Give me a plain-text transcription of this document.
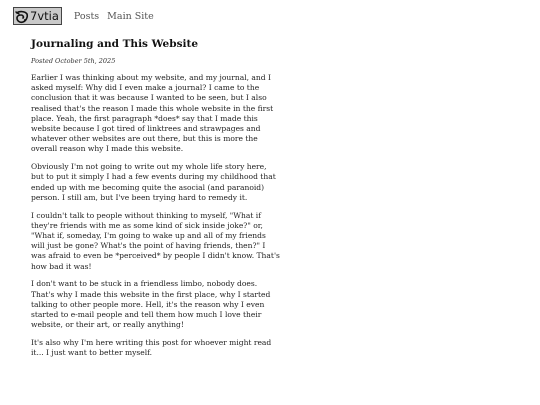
7vtia Posts Main Site
Journaling and This Website
Posted October 5th, 2025

Earlier I was thinking about my website, and my journal, and I asked myself: Why did I even make a journal? I came to the conclusion that it was because I wanted to be seen, but I also realised that's the reason I made this whole website in the first place. Yeah, the first paragraph *does* say that I made this website because I got tired of linktrees and strawpages and whatever other websites are out there, but this is more the overall reason why I made this website.

Obviously I'm not going to write out my whole life story here, but to put it simply I had a few events during my childhood that ended up with me becoming quite the asocial (and paranoid) person. I still am, but I've been trying hard to remedy it.

I couldn't talk to people without thinking to myself, "What if they're friends with me as some kind of sick inside joke?" or, "What if, someday, I'm going to wake up and all of my friends will just be gone? What's the point of having friends, then?" I was afraid to even be *perceived* by people I didn't know. That's how bad it was!

I don't want to be stuck in a friendless limbo, nobody does. That's why I made this website in the first place, why I started talking to other people more. Hell, it's the reason why I even started to e-mail people and tell them how much I love their website, or their art, or really anything!

It's also why I'm here writing this post for whoever might read it... I just want to better myself.
